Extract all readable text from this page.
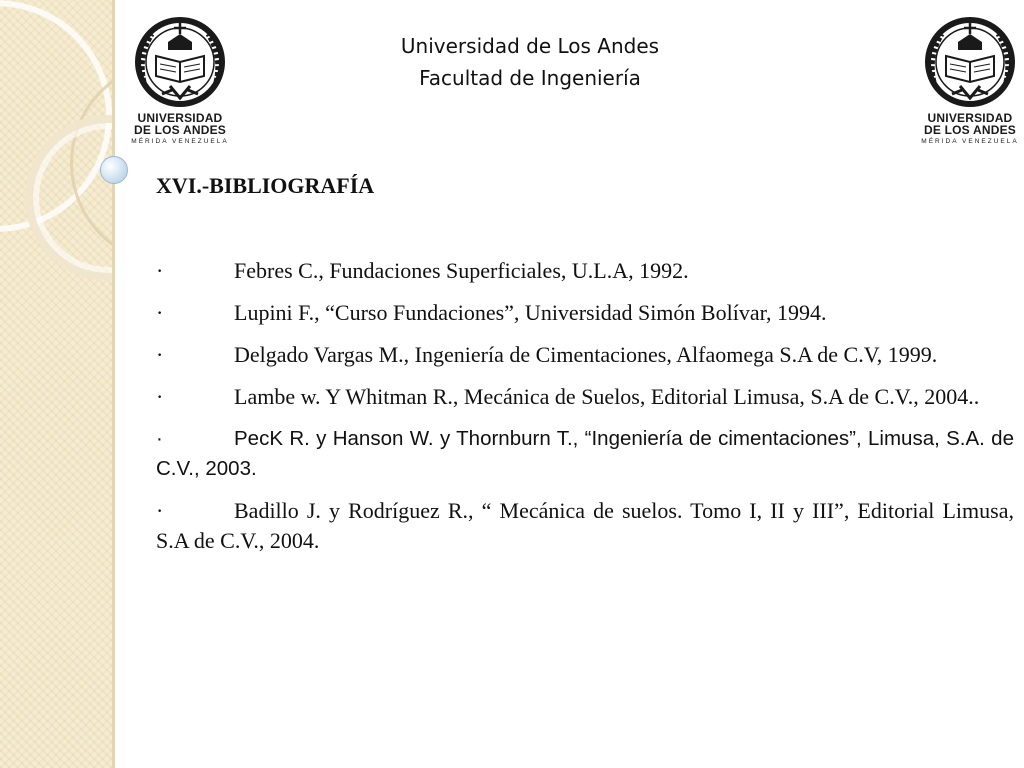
UNIVERSIDAD
DE LOS ANDES
MÉRIDA VENEZUELA
UNIVERSIDAD
DE LOS ANDES
MÉRIDA VENEZUELA
Universidad de Los Andes
Facultad de Ingeniería
XVI.-BIBLIOGRAFÍA
·	Febres C., Fundaciones Superficiales, U.L.A, 1992.
·	Lupini F., “Curso Fundaciones”, Universidad Simón Bolívar, 1994.
·	Delgado Vargas M., Ingeniería de Cimentaciones, Alfaomega S.A de C.V, 1999.
·	Lambe w. Y Whitman R., Mecánica de Suelos, Editorial Limusa, S.A de C.V., 2004..
·	PecK R. y Hanson W. y Thornburn T., “Ingeniería de cimentaciones”, Limusa, S.A. de C.V., 2003.
·	Badillo J. y Rodríguez R., “ Mecánica de suelos. Tomo I, II y III”, Editorial Limusa, S.A de C.V., 2004.
